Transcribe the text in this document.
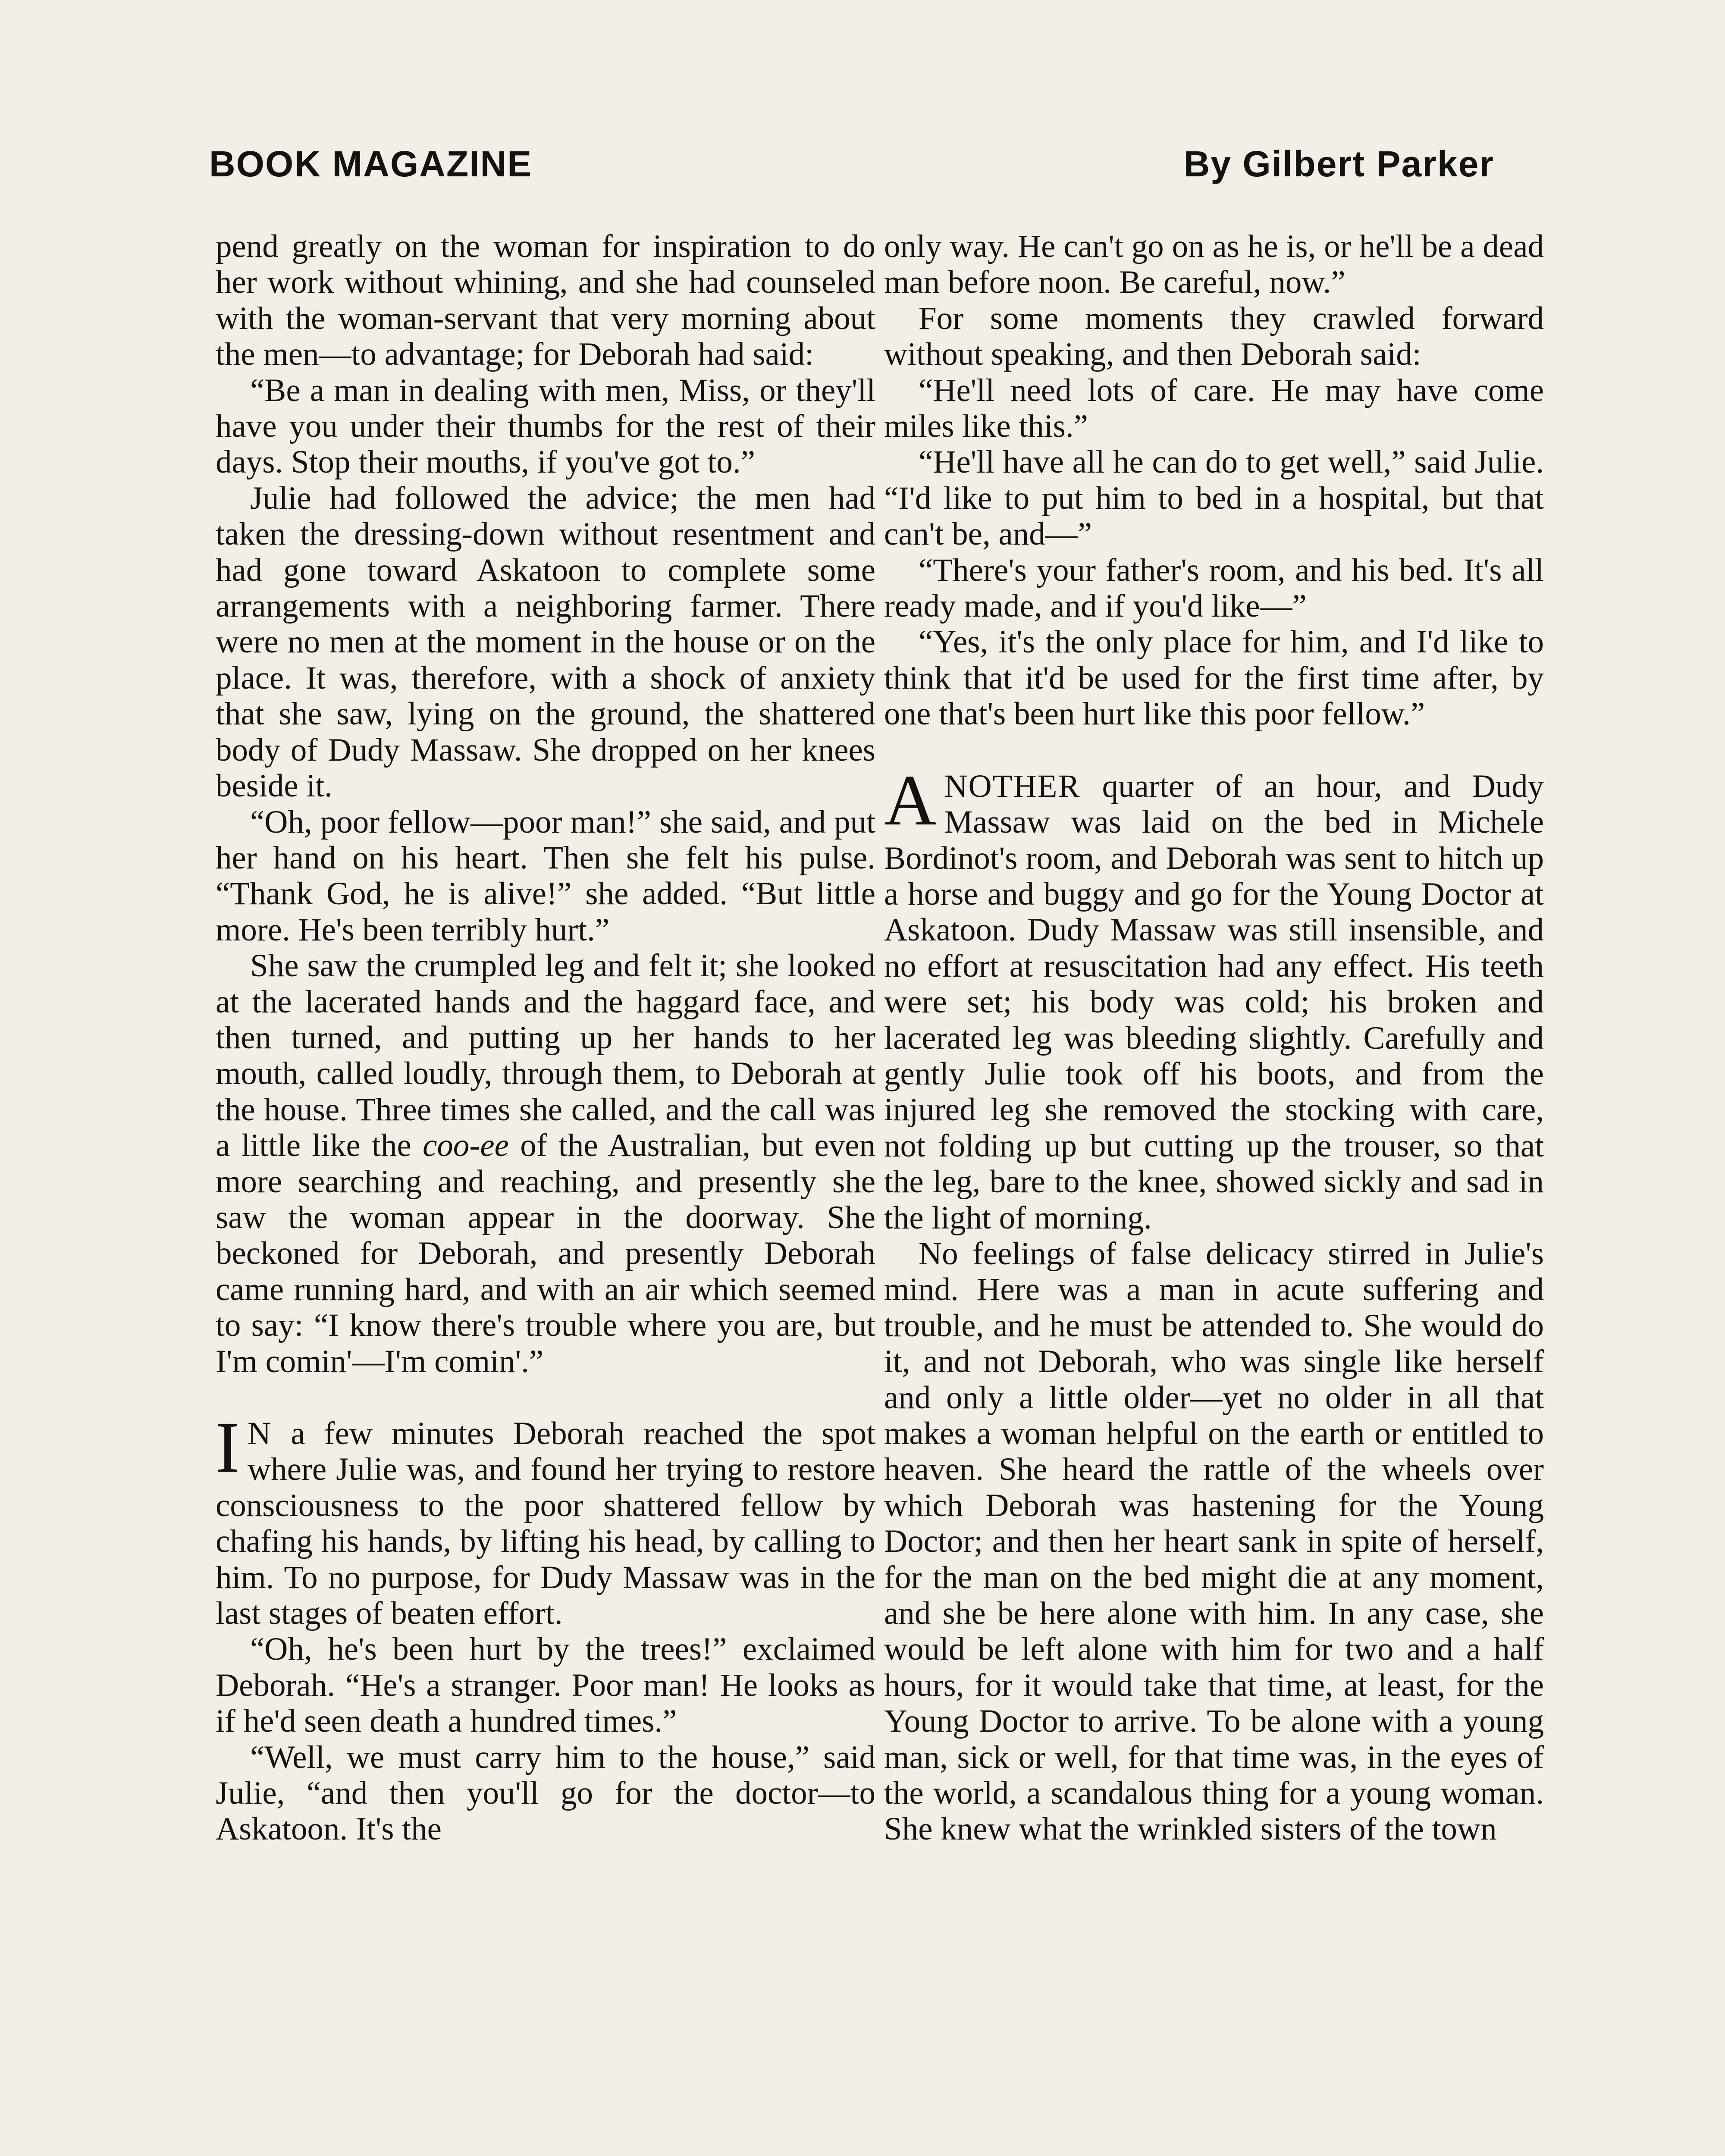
BOOK MAGAZINE	By Gilbert Parker

pend greatly on the woman for inspiration to do her work without whining, and she had counseled with the woman-servant that very morning about the men—to advantage; for Deborah had said:

“Be a man in dealing with men, Miss, or they'll have you under their thumbs for the rest of their days. Stop their mouths, if you've got to.”

Julie had followed the advice; the men had taken the dressing-down without resentment and had gone toward Askatoon to complete some arrangements with a neighboring farmer. There were no men at the moment in the house or on the place. It was, therefore, with a shock of anxiety that she saw, lying on the ground, the shattered body of Dudy Massaw. She dropped on her knees beside it.

“Oh, poor fellow—poor man!” she said, and put her hand on his heart. Then she felt his pulse. “Thank God, he is alive!” she added. “But little more. He's been terribly hurt.”

She saw the crumpled leg and felt it; she looked at the lacerated hands and the haggard face, and then turned, and putting up her hands to her mouth, called loudly, through them, to Deborah at the house. Three times she called, and the call was a little like the coo-ee of the Australian, but even more searching and reaching, and presently she saw the woman appear in the doorway. She beckoned for Deborah, and presently Deborah came running hard, and with an air which seemed to say: “I know there's trouble where you are, but I'm comin'—I'm comin'.”

I N a few minutes Deborah reached the spot where Julie was, and found her trying to restore consciousness to the poor shattered fellow by chafing his hands, by lifting his head, by calling to him. To no purpose, for Dudy Massaw was in the last stages of beaten effort.

“Oh, he's been hurt by the trees!” exclaimed Deborah. “He's a stranger. Poor man! He looks as if he'd seen death a hundred times.”

“Well, we must carry him to the house,” said Julie, “and then you'll go for the doctor—to Askatoon. It's the

only way. He can't go on as he is, or he'll be a dead man before noon. Be careful, now.”

For some moments they crawled forward without speaking, and then Deborah said:

“He'll need lots of care. He may have come miles like this.”

“He'll have all he can do to get well,” said Julie. “I'd like to put him to bed in a hospital, but that can't be, and—”

“There's your father's room, and his bed. It's all ready made, and if you'd like—”

“Yes, it's the only place for him, and I'd like to think that it'd be used for the first time after, by one that's been hurt like this poor fellow.”

ANOTHER quarter of an hour, and Dudy Massaw was laid on the bed in Michele Bordinot's room, and Deborah was sent to hitch up a horse and buggy and go for the Young Doctor at Askatoon. Dudy Massaw was still insensible, and no effort at resuscitation had any effect. His teeth were set; his body was cold; his broken and lacerated leg was bleeding slightly. Carefully and gently Julie took off his boots, and from the injured leg she removed the stocking with care, not folding up but cutting up the trouser, so that the leg, bare to the knee, showed sickly and sad in the light of morning.

No feelings of false delicacy stirred in Julie's mind. Here was a man in acute suffering and trouble, and he must be attended to. She would do it, and not Deborah, who was single like herself and only a little older—yet no older in all that makes a woman helpful on the earth or entitled to heaven. She heard the rattle of the wheels over which Deborah was hastening for the Young Doctor; and then her heart sank in spite of herself, for the man on the bed might die at any moment, and she be here alone with him. In any case, she would be left alone with him for two and a half hours, for it would take that time, at least, for the Young Doctor to arrive. To be alone with a young man, sick or well, for that time was, in the eyes of the world, a scandalous thing for a young woman. She knew what the wrinkled sisters of the town
